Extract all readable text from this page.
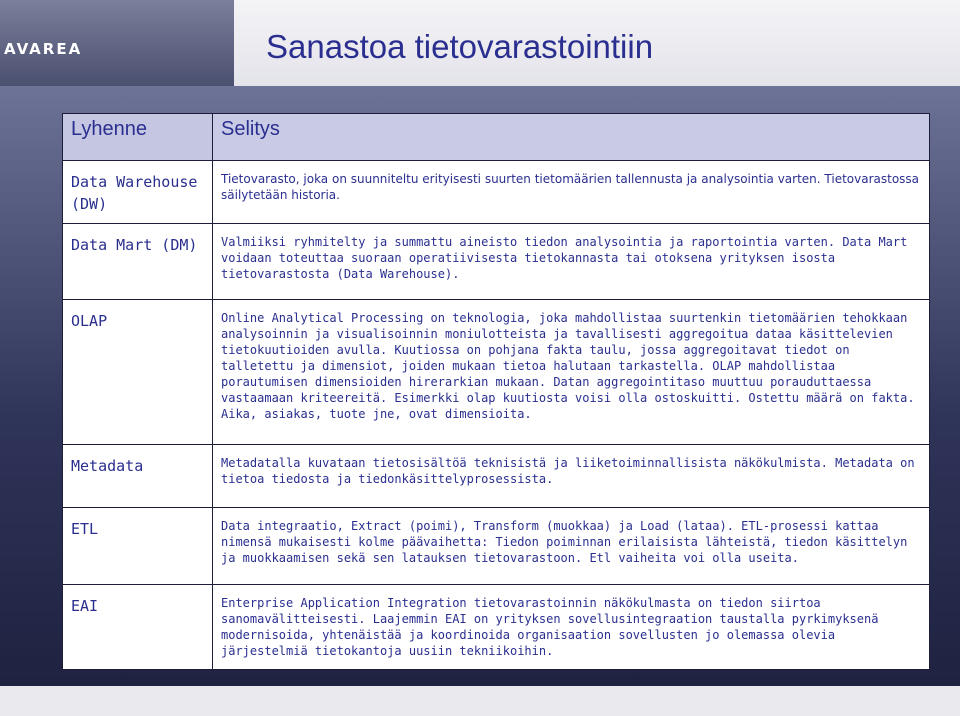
AVAREA	Sanastoa tietovarastointiin
Lyhenne	Selitys
Data Warehouse (DW)	Tietovarasto, joka on suunniteltu erityisesti suurten tietomäärien tallennusta ja analysointia varten. Tietovarastossa säilytetään historia.
Data Mart (DM)	Valmiiksi ryhmitelty ja summattu aineisto tiedon analysointia ja raportointia varten. Data Mart voidaan toteuttaa suoraan operatiivisesta tietokannasta tai otoksena yrityksen isosta tietovarastosta (Data Warehouse).
OLAP	Online Analytical Processing on teknologia, joka mahdollistaa suurtenkin tietomäärien tehokkaan analysoinnin ja visualisoinnin moniulotteista ja tavallisesti aggregoitua dataa käsittelevien tietokuutioiden avulla. Kuutiossa on pohjana fakta taulu, jossa aggregoitavat tiedot on talletettu ja dimensiot, joiden mukaan tietoa halutaan tarkastella. OLAP mahdollistaa porautumisen dimensioiden hirerarkian mukaan. Datan aggregointitaso muuttuu porauduttaessa vastaamaan kriteereitä. Esimerkki olap kuutiosta voisi olla ostoskuitti. Ostettu määrä on fakta. Aika, asiakas, tuote jne, ovat dimensioita.
Metadata	Metadatalla kuvataan tietosisältöä teknisistä ja liiketoiminnallisista näkökulmista. Metadata on tietoa tiedosta ja tiedonkäsittelyprosessista.
ETL	Data integraatio, Extract (poimi), Transform (muokkaa) ja Load (lataa). ETL-prosessi kattaa nimensä mukaisesti kolme päävaihetta: Tiedon poiminnan erilaisista lähteistä, tiedon käsittelyn ja muokkaamisen sekä sen latauksen tietovarastoon. Etl vaiheita voi olla useita.
EAI	Enterprise Application Integration tietovarastoinnin näkökulmasta on tiedon siirtoa sanomavälitteisesti. Laajemmin EAI on yrityksen sovellusintegraation taustalla pyrkimyksenä modernisoida, yhtenäistää ja koordinoida organisaation sovellusten jo olemassa olevia järjestelmiä tietokantoja uusiin tekniikoihin.
